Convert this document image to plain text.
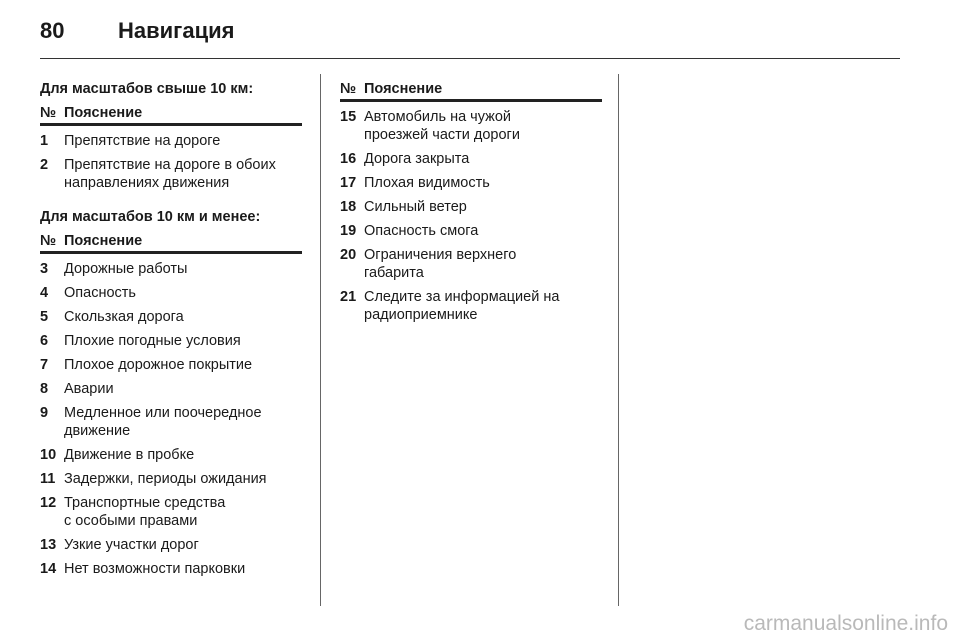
80 Навигация
Для масштабов свыше 10 км:
№ Пояснение
1	Препятствие на дороге
2	Препятствие на дороге в обоих
направлениях движения
Для масштабов 10 км и менее:
№ Пояснение
3	Дорожные работы
4	Опасность
5	Скользкая дорога
6	Плохие погодные условия
7	Плохое дорожное покрытие
8	Аварии
9	Медленное или поочередное
движение
10 Движение в пробке
11 Задержки, периоды ожидания
12 Транспортные средства
с особыми правами
13 Узкие участки дорог
14 Нет возможности парковки
№ Пояснение
15 Автомобиль на чужой
проезжей части дороги
16 Дорога закрыта
17 Плохая видимость
18 Сильный ветер
19 Опасность смога
20 Ограничения верхнего
габарита
21 Следите за информацией на
радиоприемнике
carmanualsonline.info
